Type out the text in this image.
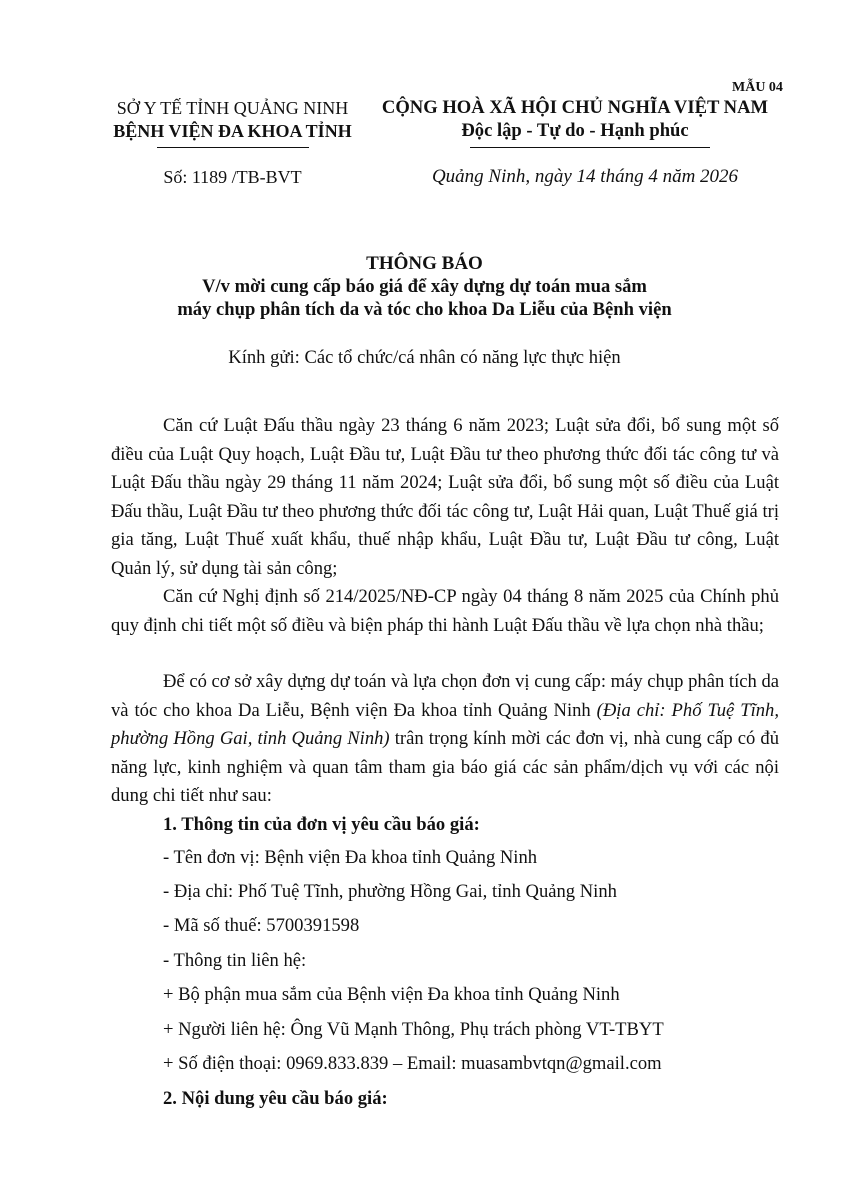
MẪU 04
SỞ Y TẾ TỈNH QUẢNG NINH
BỆNH VIỆN ĐA KHOA TỈNH
Số: 1189 /TB-BVT
CỘNG HOÀ XÃ HỘI CHỦ NGHĨA VIỆT NAM
Độc lập - Tự do - Hạnh phúc
Quảng Ninh, ngày 14 tháng 4 năm 2026
THÔNG BÁO
V/v mời cung cấp báo giá để xây dựng dự toán mua sắm
máy chụp phân tích da và tóc cho khoa Da Liễu của Bệnh viện
Kính gửi: Các tổ chức/cá nhân có năng lực thực hiện
Căn cứ Luật Đấu thầu ngày 23 tháng 6 năm 2023; Luật sửa đổi, bổ sung một số điều của Luật Quy hoạch, Luật Đầu tư, Luật Đầu tư theo phương thức đối tác công tư và Luật Đấu thầu ngày 29 tháng 11 năm 2024; Luật sửa đổi, bổ sung một số điều của Luật Đấu thầu, Luật Đầu tư theo phương thức đối tác công tư, Luật Hải quan, Luật Thuế giá trị gia tăng, Luật Thuế xuất khẩu, thuế nhập khẩu, Luật Đầu tư, Luật Đầu tư công, Luật Quản lý, sử dụng tài sản công;
Căn cứ Nghị định số 214/2025/NĐ-CP ngày 04 tháng 8 năm 2025 của Chính phủ quy định chi tiết một số điều và biện pháp thi hành Luật Đấu thầu về lựa chọn nhà thầu;
Để có cơ sở xây dựng dự toán và lựa chọn đơn vị cung cấp: máy chụp phân tích da và tóc cho khoa Da Liễu, Bệnh viện Đa khoa tỉnh Quảng Ninh (Địa chỉ: Phố Tuệ Tĩnh, phường Hồng Gai, tỉnh Quảng Ninh) trân trọng kính mời các đơn vị, nhà cung cấp có đủ năng lực, kinh nghiệm và quan tâm tham gia báo giá các sản phẩm/dịch vụ với các nội dung chi tiết như sau:
1. Thông tin của đơn vị yêu cầu báo giá:
- Tên đơn vị: Bệnh viện Đa khoa tỉnh Quảng Ninh
- Địa chỉ: Phố Tuệ Tĩnh, phường Hồng Gai, tỉnh Quảng Ninh
- Mã số thuế: 5700391598
- Thông tin liên hệ:
+ Bộ phận mua sắm của Bệnh viện Đa khoa tỉnh Quảng Ninh
+ Người liên hệ: Ông Vũ Mạnh Thông, Phụ trách phòng VT-TBYT
+ Số điện thoại: 0969.833.839 – Email: muasambvtqn@gmail.com
2. Nội dung yêu cầu báo giá:
